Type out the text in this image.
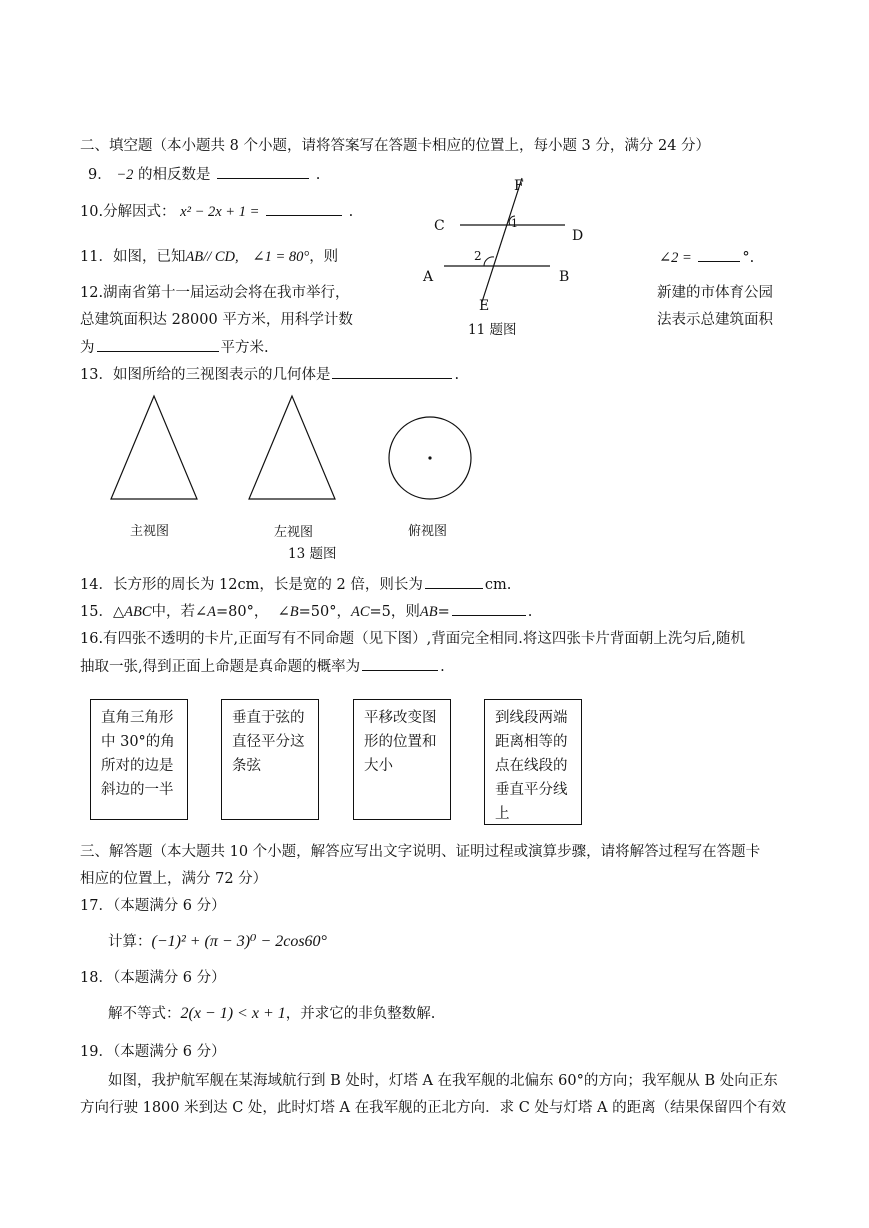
二、填空题（本小题共 8 个小题，请将答案写在答题卡相应的位置上，每小题 3 分，满分 24 分）
9． −2 的相反数是	.
10.分解因式： x² − 2x + 1 =	.
11．如图，已知AB// CD, ∠1 = 80°，则	∠2 =	°.
F
C
D
1
2
A	B
E
11 题图
12.湖南省第十一届运动会将在我市举行，	新建的市体育公园
总建筑面积达 28000 平方米，用科学计数	法表示总建筑面积
为	平方米.
13．如图所给的三视图表示的几何体是	.
主视图	左视图	俯视图
13 题图
14．长方形的周长为 12cm，长是宽的 2 倍，则长为	cm.
15．△ABC中，若∠A=80°， ∠B=50°，AC=5，则AB=	.
16.有四张不透明的卡片,正面写有不同命题（见下图）,背面完全相同.将这四张卡片背面朝上洗匀后,随机
抽取一张,得到正面上命题是真命题的概率为	.
直角三角形中 30°的角所对的边是斜边的一半
垂直于弦的直径平分这条弦
平移改变图形的位置和大小
到线段两端距离相等的点在线段的垂直平分线上
三、解答题（本大题共 10 个小题，解答应写出文字说明、证明过程或演算步骤，请将解答过程写在答题卡
相应的位置上，满分 72 分）
17．（本题满分 6 分）
计算：(−1)² + (π − 3)⁰ − 2cos60°
18．（本题满分 6 分）
解不等式：2(x − 1) < x + 1，并求它的非负整数解.
19．（本题满分 6 分）
如图，我护航军舰在某海域航行到 B 处时，灯塔 A 在我军舰的北偏东 60°的方向；我军舰从 B 处向正东
方向行驶 1800 米到达 C 处，此时灯塔 A 在我军舰的正北方向．求 C 处与灯塔 A 的距离（结果保留四个有效
